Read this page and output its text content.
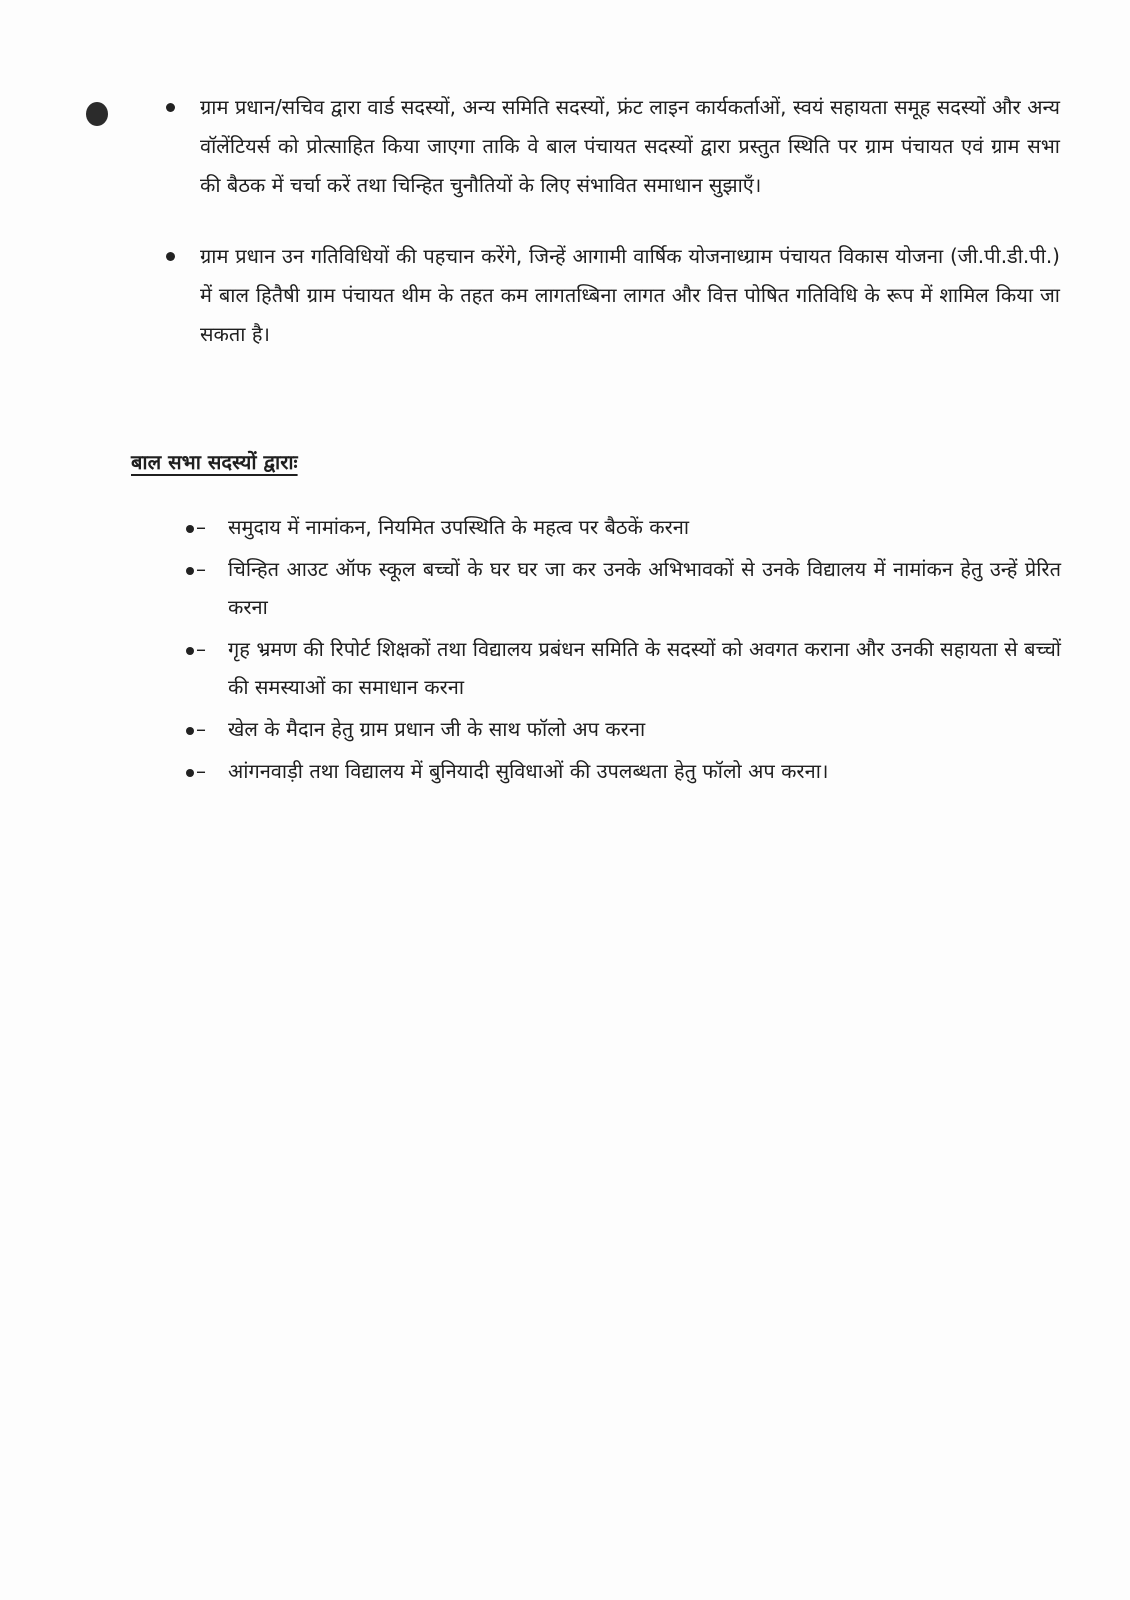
ग्राम प्रधान/सचिव द्वारा वार्ड सदस्यों, अन्य समिति सदस्यों, फ्रंट लाइन कार्यकर्ताओं, स्वयं सहायता समूह सदस्यों और अन्य वॉलेंटियर्स को प्रोत्साहित किया जाएगा ताकि वे बाल पंचायत सदस्यों द्वारा प्रस्तुत स्थिति पर ग्राम पंचायत एवं ग्राम सभा की बैठक में चर्चा करें तथा चिन्हित चुनौतियों के लिए संभावित समाधान सुझाएँ।
ग्राम प्रधान उन गतिविधियों की पहचान करेंगे, जिन्हें आगामी वार्षिक योजनाध्ग्राम पंचायत विकास योजना (जी.पी.डी.पी.) में बाल हितैषी ग्राम पंचायत थीम के तहत कम लागतध्बिना लागत और वित्त पोषित गतिविधि के रूप में शामिल किया जा सकता है।
बाल सभा सदस्यों द्वाराः
– समुदाय में नामांकन, नियमित उपस्थिति के महत्व पर बैठकें करना
– चिन्हित आउट ऑफ स्कूल बच्चों के घर घर जा कर उनके अभिभावकों से उनके विद्यालय में नामांकन हेतु उन्हें प्रेरित करना
– गृह भ्रमण की रिपोर्ट शिक्षकों तथा विद्यालय प्रबंधन समिति के सदस्यों को अवगत कराना और उनकी सहायता से बच्चों की समस्याओं का समाधान करना
– खेल के मैदान हेतु ग्राम प्रधान जी के साथ फॉलो अप करना
– आंगनवाड़ी तथा विद्यालय में बुनियादी सुविधाओं की उपलब्धता हेतु फॉलो अप करना।
